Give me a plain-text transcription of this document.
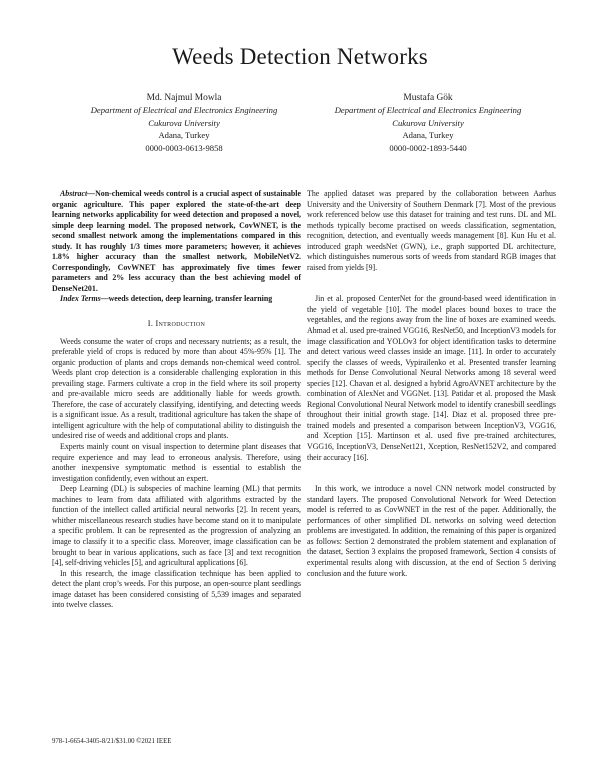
Weeds Detection Networks
Md. Najmul Mowla
Department of Electrical and Electronics Engineering
Cukurova University
Adana, Turkey
0000-0003-0613-9858
Mustafa Gök
Department of Electrical and Electronics Engineering
Cukurova University
Adana, Turkey
0000-0002-1893-5440

Abstract—Non-chemical weeds control is a crucial aspect of sustainable organic agriculture. This paper explored the state-of-the-art deep learning networks applicability for weed detection and proposed a novel, simple deep learning model. The proposed network, CovWNET, is the second smallest network among the implementations compared in this study. It has roughly 1/3 times more parameters; however, it achieves 1.8% higher accuracy than the smallest network, MobileNetV2. Correspondingly, CovWNET has approximately five times fewer parameters and 2% less accuracy than the best achieving model of DenseNet201.

Index Terms—weeds detection, deep learning, transfer learning

I. Introduction

Weeds consume the water of crops and necessary nutrients; as a result, the preferable yield of crops is reduced by more than about 45%-95% [1]. The organic production of plants and crops demands non-chemical weed control. Weeds plant crop detection is a considerable challenging exploration in this prevailing stage. Farmers cultivate a crop in the field where its soil property and pre-available micro seeds are additionally liable for weeds growth. Therefore, the case of accurately classifying, identifying, and detecting weeds is a significant issue. As a result, traditional agriculture has taken the shape of intelligent agriculture with the help of computational ability to distinguish the undesired rise of weeds and additional crops and plants.

Experts mainly count on visual inspection to determine plant diseases that require experience and may lead to erroneous analysis. Therefore, using another inexpensive symptomatic method is essential to establish the investigation confidently, even without an expert.

Deep Learning (DL) is subspecies of machine learning (ML) that permits machines to learn from data affiliated with algorithms extracted by the function of the intellect called artificial neural networks [2]. In recent years, whither miscellaneous research studies have become stand on it to manipulate a specific problem. It can be represented as the progression of analyzing an image to classify it to a specific class. Moreover, image classification can be brought to bear in various applications, such as face [3] and text recognition [4], self-driving vehicles [5], and agricultural applications [6].

In this research, the image classification technique has been applied to detect the plant crop’s weeds. For this purpose, an open-source plant seedlings image dataset has been considered consisting of 5,539 images and separated into twelve classes.

The applied dataset was prepared by the collaboration between Aarhus University and the University of Southern Denmark [7]. Most of the previous work referenced below use this dataset for training and test runs. DL and ML methods typically become practised on weeds classification, segmentation, recognition, detection, and eventually weeds management [8]. Kun Hu et al. introduced graph weedsNet (GWN), i.e., graph supported DL architecture, which distinguishes numerous sorts of weeds from standard RGB images that raised from yields [9].

Jin et al. proposed CenterNet for the ground-based weed identification in the yield of vegetable [10]. The model places bound boxes to trace the vegetables, and the regions away from the line of boxes are examined weeds. Ahmad et al. used pre-trained VGG16, ResNet50, and InceptionV3 models for image classification and YOLOv3 for object identification tasks to determine and detect various weed classes inside an image. [11]. In order to accurately specify the classes of weeds, Vypirailenko et al. Presented transfer learning methods for Dense Convolutional Neural Networks among 18 several weed species [12]. Chavan et al. designed a hybrid AgroAVNET architecture by the combination of AlexNet and VGGNet. [13]. Patidar et al. proposed the Mask Regional Convolutional Neural Network model to identify cranesbill seedlings throughout their initial growth stage. [14]. Diaz et al. proposed three pre-trained models and presented a comparison between InceptionV3, VGG16, and Xception [15]. Martinson et al. used five pre-trained architectures, VGG16, InceptionV3, DenseNet121, Xception, ResNet152V2, and compared their accuracy [16].

In this work, we introduce a novel CNN network model constructed by standard layers. The proposed Convolutional Network for Weed Detection model is referred to as CovWNET in the rest of the paper. Additionally, the performances of other simplified DL networks on solving weed detection problems are investigated. In addition, the remaining of this paper is organized as follows: Section 2 demonstrated the problem statement and explanation of the dataset, Section 3 explains the proposed framework, Section 4 consists of experimental results along with discussion, at the end of Section 5 deriving conclusion and the future work.

978-1-6654-3405-8/21/$31.00 ©2021 IEEE
